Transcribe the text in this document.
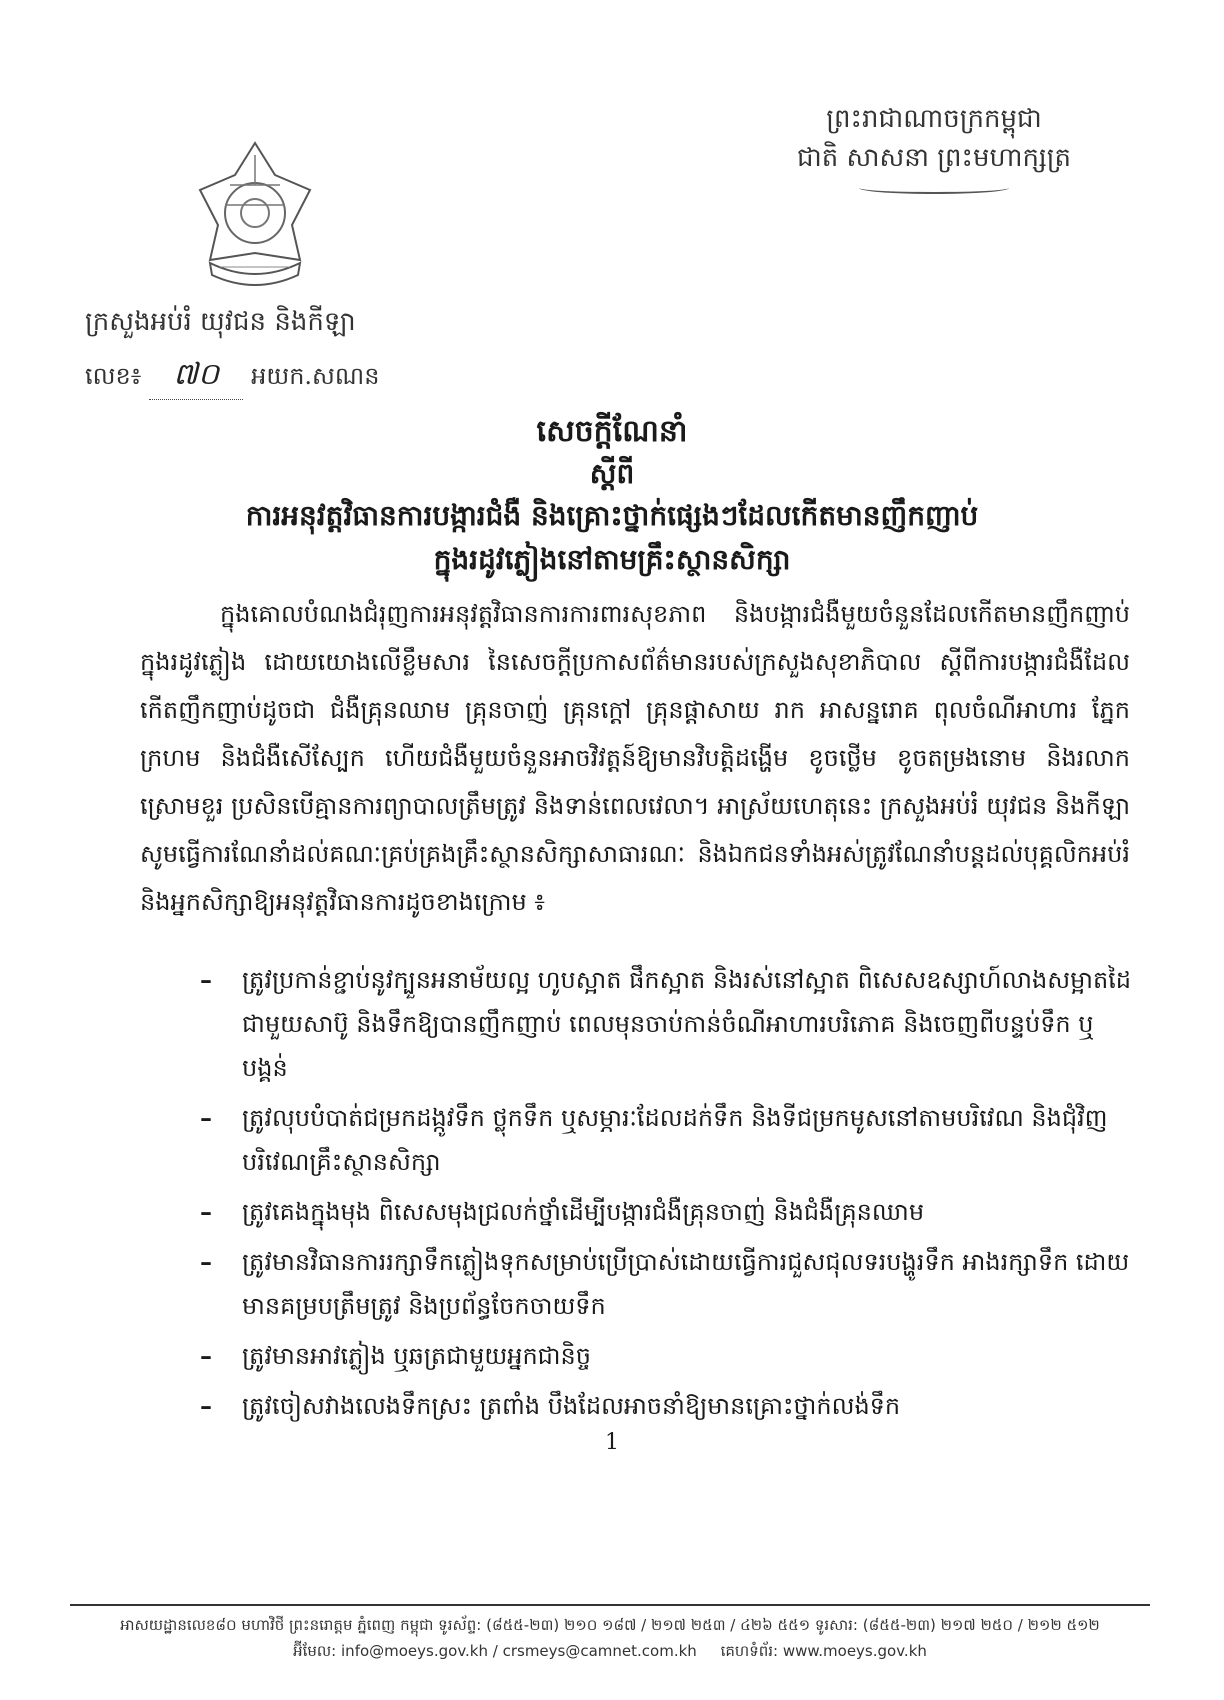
ព្រះរាជាណាចក្រកម្ពុជា
ជាតិ សាសនា ព្រះមហាក្សត្រ
ក្រសួងអប់រំ យុវជន និងកីឡា
លេខ៖	៧០	អយក.សណន
សេចក្តីណែនាំ
ស្តីពី
ការអនុវត្តវិធានការបង្ការជំងឺ និងគ្រោះថ្នាក់ផ្សេងៗដែលកើតមានញឹកញាប់
ក្នុងរដូវភ្លៀងនៅតាមគ្រឹះស្ថានសិក្សា
ក្នុងគោលបំណងជំរុញការអនុវត្តវិធានការការពារសុខភាព និងបង្ការជំងឺមួយចំនួនដែលកើតមានញឹកញាប់ក្នុងរដូវភ្លៀង ដោយយោងលើខ្លឹមសារ នៃសេចក្តីប្រកាសព័ត៌មានរបស់ក្រសួងសុខាភិបាល ស្តីពីការបង្ការជំងឺដែលកើតញឹកញាប់ដូចជា ជំងឺគ្រុនឈាម គ្រុនចាញ់ គ្រុនក្តៅ គ្រុនផ្តាសាយ រាក អាសន្នរោគ ពុលចំណីអាហារ ភ្នែកក្រហម និងជំងឺសើស្បែក ហើយជំងឺមួយចំនួនអាចវិវត្តន៍ឱ្យមានវិបត្តិដង្ហើម ខូចថ្លើម ខូចតម្រងនោម និងរលាកស្រោមខួរ ប្រសិនបើគ្មានការព្យាបាលត្រឹមត្រូវ និងទាន់ពេលវេលា។ អាស្រ័យហេតុនេះ ក្រសួងអប់រំ យុវជន និងកីឡា សូមធ្វើការណែនាំដល់គណៈគ្រប់គ្រងគ្រឹះស្ថានសិក្សាសាធារណៈ និងឯកជនទាំងអស់ត្រូវណែនាំបន្តដល់បុគ្គលិកអប់រំ និងអ្នកសិក្សាឱ្យអនុវត្តវិធានការដូចខាងក្រោម ៖
– ត្រូវប្រកាន់ខ្ជាប់នូវក្បួនអនាម័យល្អ ហូបស្អាត ផឹកស្អាត និងរស់នៅស្អាត ពិសេសឧស្សាហ៍លាងសម្អាតដៃជាមួយសាប៊ូ និងទឹកឱ្យបានញឹកញាប់ ពេលមុនចាប់កាន់ចំណីអាហារបរិភោគ និងចេញពីបន្ទប់ទឹក ឬបង្គន់
– ត្រូវលុបបំបាត់ជម្រកដង្កូវទឹក ថ្លុកទឹក ឬសម្ភារៈដែលដក់ទឹក និងទីជម្រកមូសនៅតាមបរិវេណ និងជុំវិញបរិវេណគ្រឹះស្ថានសិក្សា
– ត្រូវគេងក្នុងមុង ពិសេសមុងជ្រលក់ថ្នាំដើម្បីបង្ការជំងឺគ្រុនចាញ់ និងជំងឺគ្រុនឈាម
– ត្រូវមានវិធានការរក្សាទឹកភ្លៀងទុកសម្រាប់ប្រើប្រាស់ដោយធ្វើការជួសជុលទរបង្ហូរទឹក អាងរក្សាទឹក ដោយមានគម្របត្រឹមត្រូវ និងប្រព័ន្ធចែកចាយទឹក
– ត្រូវមានអាវភ្លៀង ឬឆត្រជាមួយអ្នកជានិច្ច
– ត្រូវចៀសវាងលេងទឹកស្រះ ត្រពាំង បឹងដែលអាចនាំឱ្យមានគ្រោះថ្នាក់លង់ទឹក
1
អាសយដ្ឋានលេខ៨០ មហាវិថី ព្រះនរោត្តម ភ្នំពេញ កម្ពុជា ទូរស័ព្ទ: (៨៥៥-២៣) ២១០ ១៨៧ / ២១៧ ២៥៣ / ៤២៦ ៥៥១ ទូរសារ: (៨៥៥-២៣) ២១៧ ២៥០ / ២១២ ៥១២
អ៊ីមែល: info@moeys.gov.kh / crsmeys@camnet.com.kh គេហទំព័រ: www.moeys.gov.kh
